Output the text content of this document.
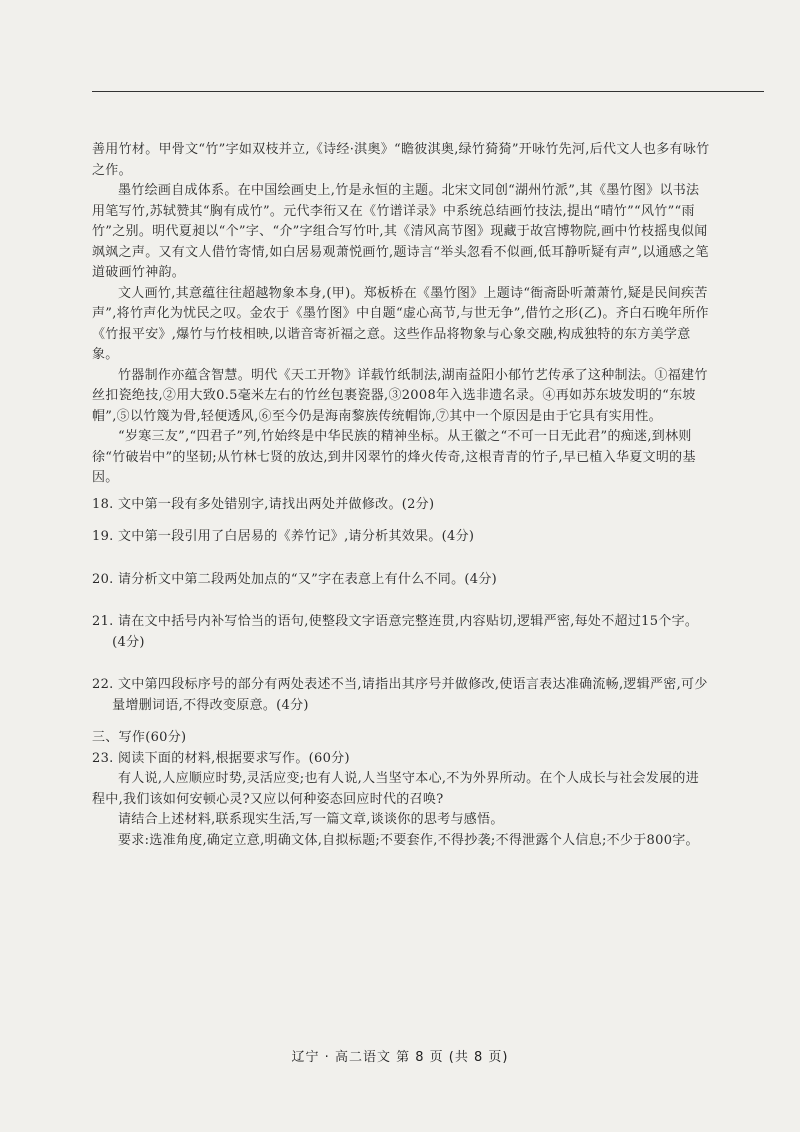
善用竹材。甲骨文“竹”字如双枝并立,《诗经·淇奥》“瞻彼淇奥,绿竹猗猗”开咏竹先河,后代文人也多有咏竹之作。

墨竹绘画自成体系。在中国绘画史上,竹是永恒的主题。北宋文同创“湖州竹派”,其《墨竹图》以书法用笔写竹,苏轼赞其“胸有成竹”。元代李衎又在《竹谱详录》中系统总结画竹技法,提出“晴竹”“风竹”“雨竹”之别。明代夏昶以“个”字、“介”字组合写竹叶,其《清风高节图》现藏于故宫博物院,画中竹枝摇曳似闻飒飒之声。又有文人借竹寄情,如白居易观萧悦画竹,题诗言“举头忽看不似画,低耳静听疑有声”,以通感之笔道破画竹神韵。

文人画竹,其意蕴往往超越物象本身,(甲)。郑板桥在《墨竹图》上题诗“衙斋卧听萧萧竹,疑是民间疾苦声”,将竹声化为忧民之叹。金农于《墨竹图》中自题“虚心高节,与世无争”,借竹之形(乙)。齐白石晚年所作《竹报平安》,爆竹与竹枝相映,以谐音寄祈福之意。这些作品将物象与心象交融,构成独特的东方美学意象。

竹器制作亦蕴含智慧。明代《天工开物》详载竹纸制法,湖南益阳小郁竹艺传承了这种制法。①福建竹丝扣瓷绝技,②用大致0.5毫米左右的竹丝包裹瓷器,③2008年入选非遗名录。④再如苏东坡发明的“东坡帽”,⑤以竹篾为骨,轻便透风,⑥至今仍是海南黎族传统帽饰,⑦其中一个原因是由于它具有实用性。

“岁寒三友”,“四君子”列,竹始终是中华民族的精神坐标。从王徽之“不可一日无此君”的痴迷,到林则徐“竹破岩中”的坚韧;从竹林七贤的放达,到井冈翠竹的烽火传奇,这根青青的竹子,早已植入华夏文明的基因。

18. 文中第一段有多处错别字,请找出两处并做修改。(2分)

19. 文中第一段引用了白居易的《养竹记》,请分析其效果。(4分)

20. 请分析文中第二段两处加点的“又”字在表意上有什么不同。(4分)

21. 请在文中括号内补写恰当的语句,使整段文字语意完整连贯,内容贴切,逻辑严密,每处不超过15个字。(4分)

22. 文中第四段标序号的部分有两处表述不当,请指出其序号并做修改,使语言表达准确流畅,逻辑严密,可少量增删词语,不得改变原意。(4分)

三、写作(60分)

23. 阅读下面的材料,根据要求写作。(60分)

有人说,人应顺应时势,灵活应变;也有人说,人当坚守本心,不为外界所动。在个人成长与社会发展的进程中,我们该如何安顿心灵?又应以何种姿态回应时代的召唤?

请结合上述材料,联系现实生活,写一篇文章,谈谈你的思考与感悟。

要求:选准角度,确定立意,明确文体,自拟标题;不要套作,不得抄袭;不得泄露个人信息;不少于800字。

辽宁 · 高二语文 第 8 页 (共 8 页)
